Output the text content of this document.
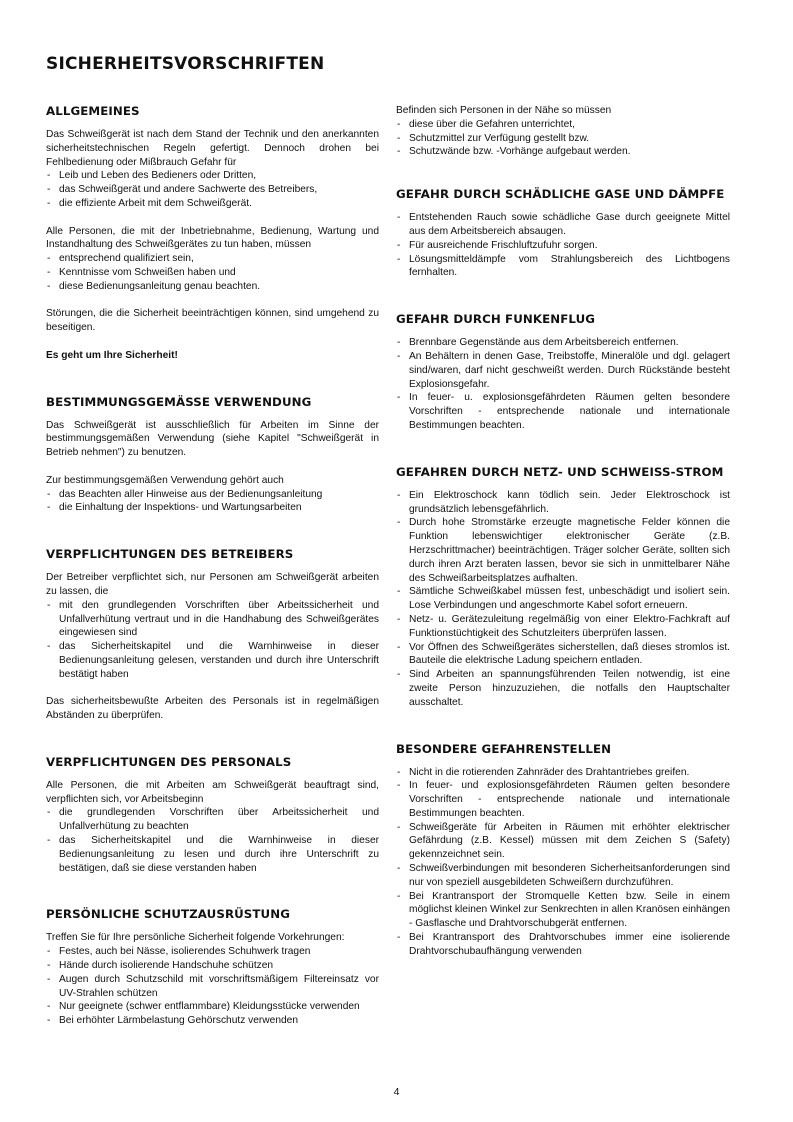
SICHERHEITSVORSCHRIFTEN
ALLGEMEINES

Das Schweißgerät ist nach dem Stand der Technik und den anerkannten sicherheitstechnischen Regeln gefertigt. Dennoch drohen bei Fehlbedienung oder Mißbrauch Gefahr für

- Leib und Leben des Bedieners oder Dritten,
- das Schweißgerät und andere Sachwerte des Betreibers,
- die effiziente Arbeit mit dem Schweißgerät.

Alle Personen, die mit der Inbetriebnahme, Bedienung, Wartung und Instandhaltung des Schweißgerätes zu tun haben, müssen

- entsprechend qualifiziert sein,
- Kenntnisse vom Schweißen haben und
- diese Bedienungsanleitung genau beachten.

Störungen, die die Sicherheit beeinträchtigen können, sind umgehend zu beseitigen.

Es geht um Ihre Sicherheit!

BESTIMMUNGSGEMÄSSE VERWENDUNG

Das Schweißgerät ist ausschließlich für Arbeiten im Sinne der bestimmungsgemäßen Verwendung (siehe Kapitel "Schweißgerät in Betrieb nehmen") zu benutzen.

Zur bestimmungsgemäßen Verwendung gehört auch

- das Beachten aller Hinweise aus der Bedienungsanleitung
- die Einhaltung der Inspektions- und Wartungsarbeiten
VERPFLICHTUNGEN DES BETREIBERS

Der Betreiber verpflichtet sich, nur Personen am Schweißgerät arbeiten zu lassen, die

- mit den grundlegenden Vorschriften über Arbeitssicherheit und Unfallverhütung vertraut und in die Handhabung des Schweißgerätes eingewiesen sind
- das Sicherheitskapitel und die Warnhinweise in dieser Bedienungsanleitung gelesen, verstanden und durch ihre Unterschrift bestätigt haben

Das sicherheitsbewußte Arbeiten des Personals ist in regelmäßigen Abständen zu überprüfen.

VERPFLICHTUNGEN DES PERSONALS

Alle Personen, die mit Arbeiten am Schweißgerät beauftragt sind, verpflichten sich, vor Arbeitsbeginn

- die grundlegenden Vorschriften über Arbeitssicherheit und Unfallverhütung zu beachten
- das Sicherheitskapitel und die Warnhinweise in dieser Bedienungsanleitung zu lesen und durch ihre Unterschrift zu bestätigen, daß sie diese verstanden haben
PERSÖNLICHE SCHUTZAUSRÜSTUNG

Treffen Sie für Ihre persönliche Sicherheit folgende Vorkehrungen:

- Festes, auch bei Nässe, isolierendes Schuhwerk tragen
- Hände durch isolierende Handschuhe schützen
- Augen durch Schutzschild mit vorschriftsmäßigem Filtereinsatz vor UV-Strahlen schützen
- Nur geeignete (schwer entflammbare) Kleidungsstücke verwenden
- Bei erhöhter Lärmbelastung Gehörschutz verwenden

Befinden sich Personen in der Nähe so müssen

- diese über die Gefahren unterrichtet,
- Schutzmittel zur Verfügung gestellt bzw.
- Schutzwände bzw. -Vorhänge aufgebaut werden.
GEFAHR DURCH SCHÄDLICHE GASE UND DÄMPFE
- Entstehenden Rauch sowie schädliche Gase durch geeignete Mittel aus dem Arbeitsbereich absaugen.
- Für ausreichende Frischluftzufuhr sorgen.
- Lösungsmitteldämpfe vom Strahlungsbereich des Lichtbogens fernhalten.
GEFAHR DURCH FUNKENFLUG
- Brennbare Gegenstände aus dem Arbeitsbereich entfernen.
- An Behältern in denen Gase, Treibstoffe, Mineralöle und dgl. gelagert sind/waren, darf nicht geschweißt werden. Durch Rückstände besteht Explosionsgefahr.
- In feuer- u. explosionsgefährdeten Räumen gelten besondere Vorschriften - entsprechende nationale und internationale Bestimmungen beachten.
GEFAHREN DURCH NETZ- UND SCHWEISS-STROM
- Ein Elektroschock kann tödlich sein. Jeder Elektroschock ist grundsätzlich lebensgefährlich.
- Durch hohe Stromstärke erzeugte magnetische Felder können die Funktion lebenswichtiger elektronischer Geräte (z.B. Herzschrittmacher) beeinträchtigen. Träger solcher Geräte, sollten sich durch ihren Arzt beraten lassen, bevor sie sich in unmittelbarer Nähe des Schweißarbeitsplatzes aufhalten.
- Sämtliche Schweißkabel müssen fest, unbeschädigt und isoliert sein. Lose Verbindungen und angeschmorte Kabel sofort erneuern.
- Netz- u. Gerätezuleitung regelmäßig von einer Elektro-Fachkraft auf Funktionstüchtigkeit des Schutzleiters überprüfen lassen.
- Vor Öffnen des Schweißgerätes sicherstellen, daß dieses stromlos ist. Bauteile die elektrische Ladung speichern entladen.
- Sind Arbeiten an spannungsführenden Teilen notwendig, ist eine zweite Person hinzuzuziehen, die notfalls den Hauptschalter ausschaltet.
BESONDERE GEFAHRENSTELLEN
- Nicht in die rotierenden Zahnräder des Drahtantriebes greifen.
- In feuer- und explosionsgefährdeten Räumen gelten besondere Vorschriften - entsprechende nationale und internationale Bestimmungen beachten.
- Schweißgeräte für Arbeiten in Räumen mit erhöhter elektrischer Gefährdung (z.B. Kessel) müssen mit dem Zeichen S (Safety) gekennzeichnet sein.
- Schweißverbindungen mit besonderen Sicherheitsanforderungen sind nur von speziell ausgebildeten Schweißern durchzuführen.
- Bei Krantransport der Stromquelle Ketten bzw. Seile in einem möglichst kleinen Winkel zur Senkrechten in allen Kranösen einhängen - Gasflasche und Drahtvorschubgerät entfernen.
- Bei Krantransport des Drahtvorschubes immer eine isolierende Drahtvorschubaufhängung verwenden
4
